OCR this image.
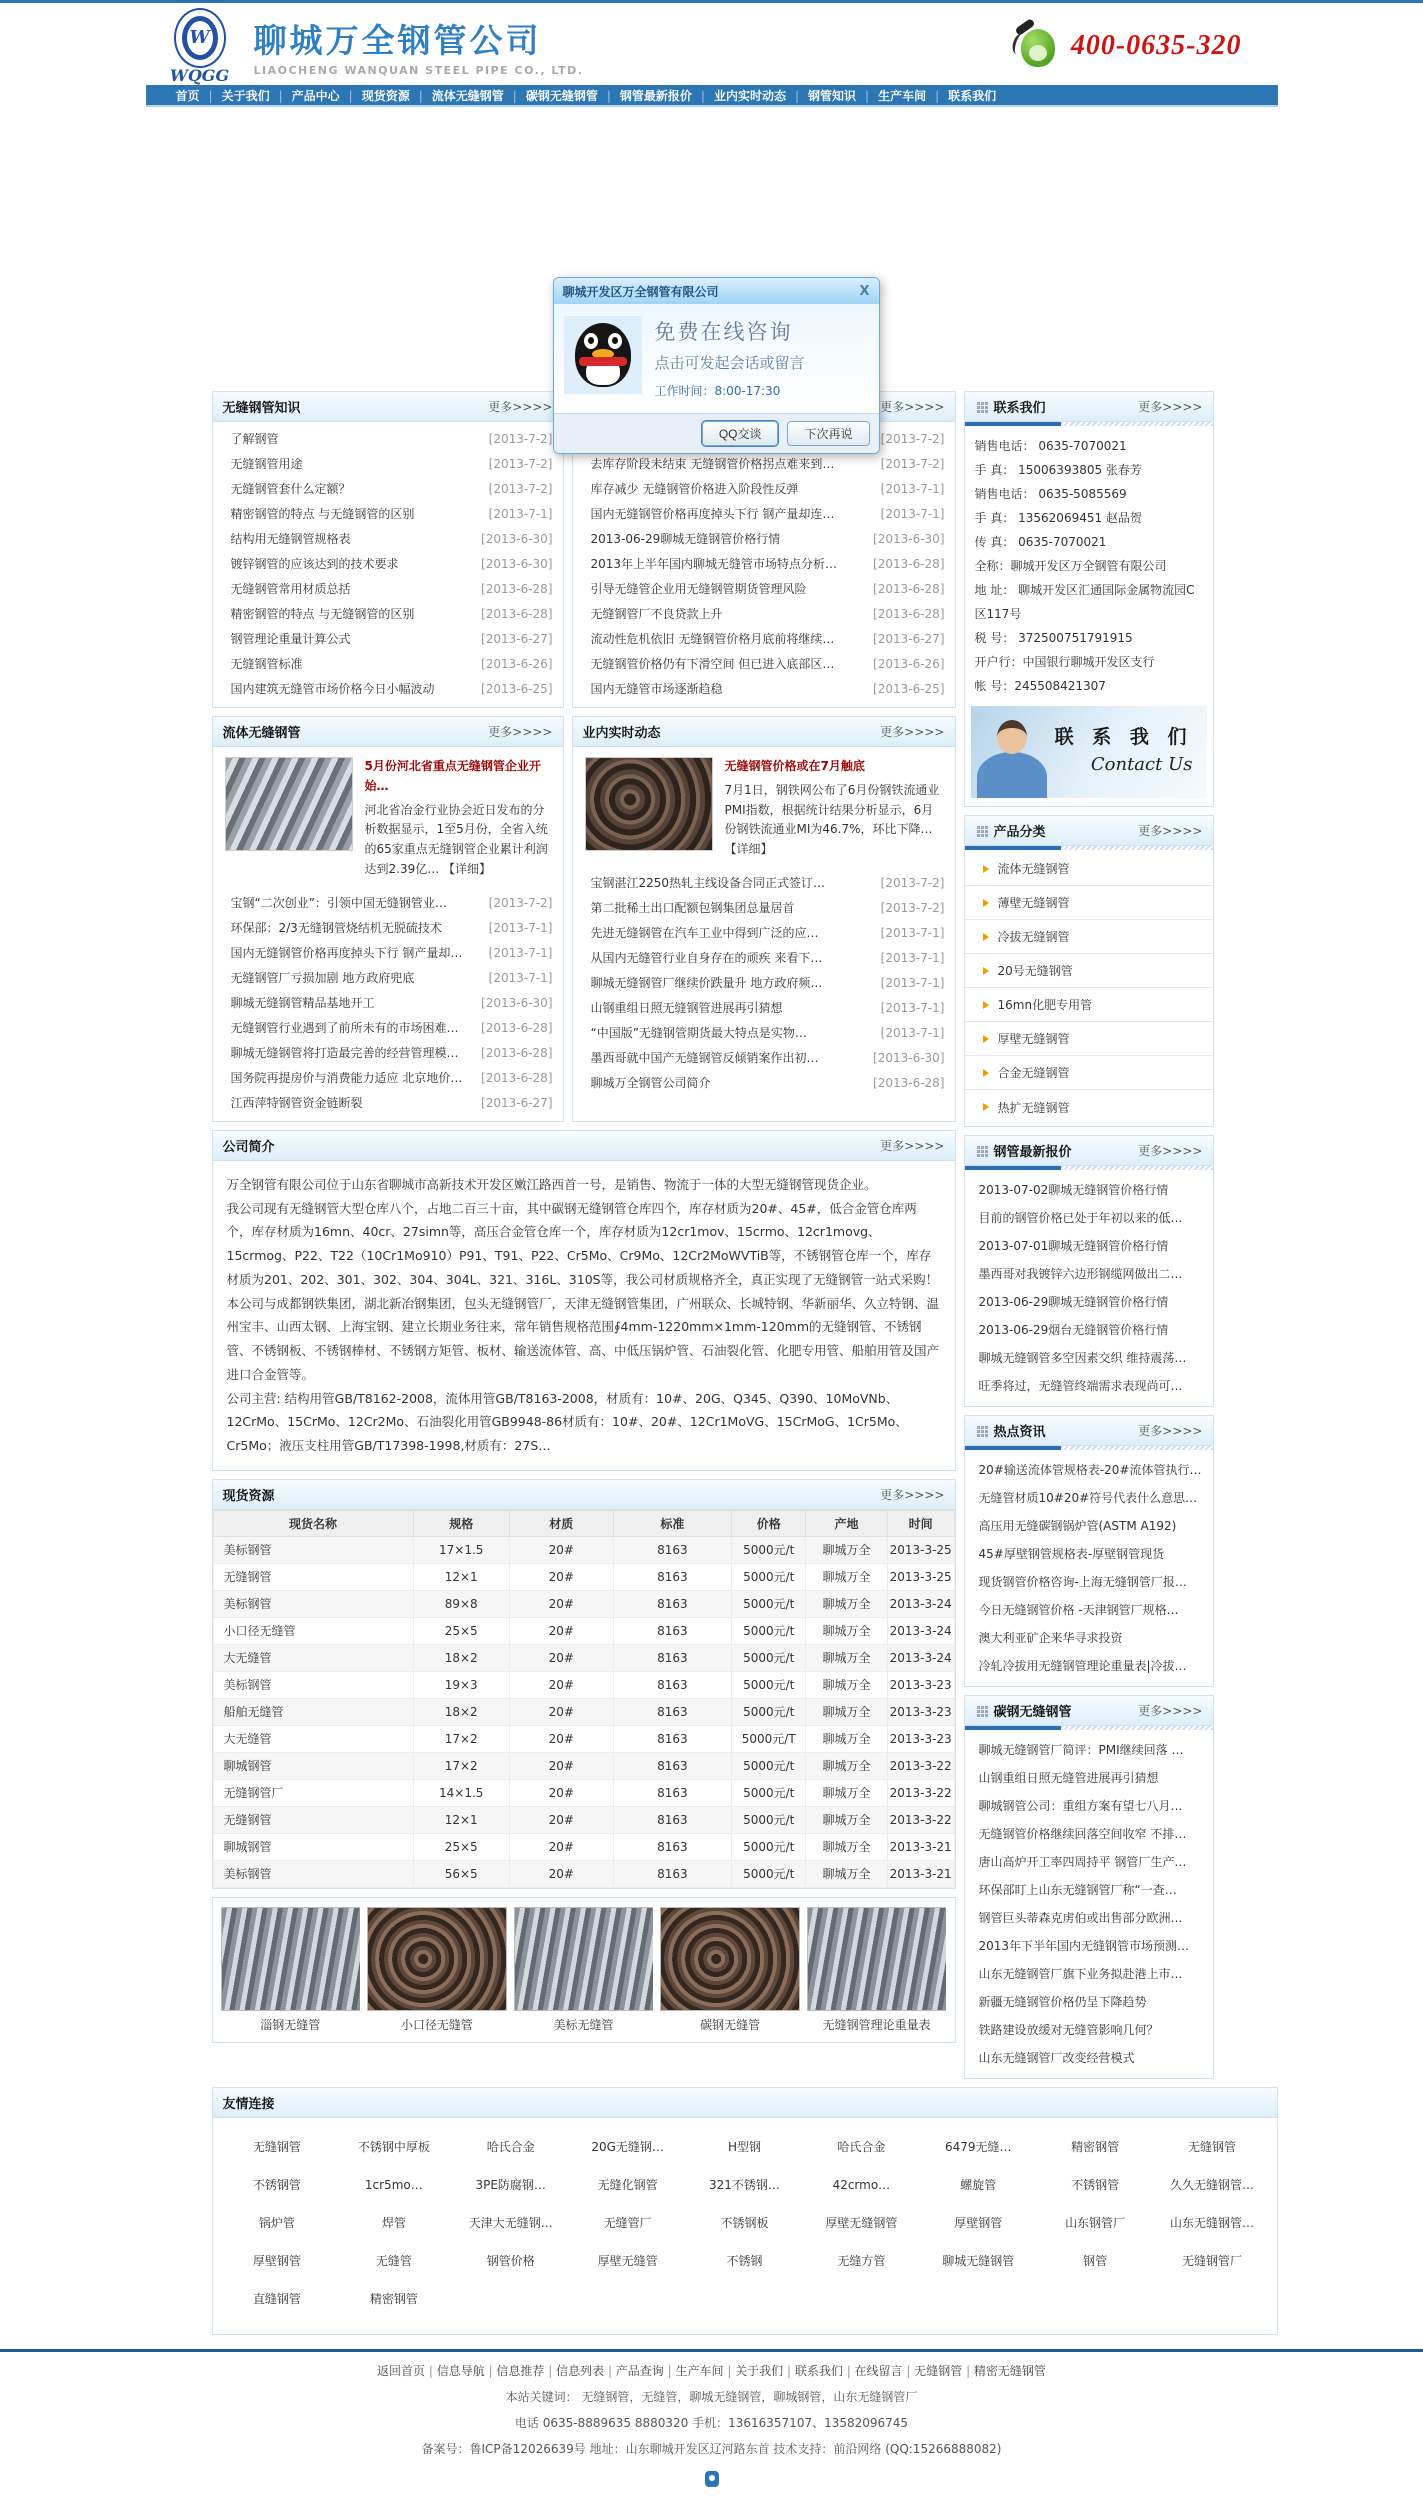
W
WQGG
聊城万全钢管公司
LIAOCHENG WANQUAN STEEL PIPE CO., LTD.
400-0635-320
首页 |	关于我们 |	产品中心 |	现货资源 |	流体无缝钢管 |	碳钢无缝钢管 |	钢管最新报价 |	业内实时动态 |	钢管知识 |	生产车间 |	联系我们
聊城开发区万全钢管有限公司	X
免费在线咨询
点击可发起会话或留言
工作时间：8:00-17:30
QQ交谈	下次再说
无缝钢管知识	更多>>>>
了解钢管	[2013-7-2]
无缝钢管用途	[2013-7-2]
无缝钢管套什么定额？	[2013-7-2]
精密钢管的特点 与无缝钢管的区别	[2013-7-1]
结构用无缝钢管规格表	[2013-6-30]
镀锌钢管的应该达到的技术要求	[2013-6-30]
无缝钢管常用材质总括	[2013-6-28]
精密钢管的特点 与无缝钢管的区别	[2013-6-28]
钢管理论重量计算公式	[2013-6-27]
无缝钢管标准	[2013-6-26]
国内建筑无缝管市场价格今日小幅波动	[2013-6-25]
更多>>>>
[2013-7-2]
去库存阶段未结束 无缝钢管价格拐点难来到…	[2013-7-2]
库存减少 无缝钢管价格进入阶段性反弹	[2013-7-1]
国内无缝钢管价格再度掉头下行 钢产量却连…	[2013-7-1]
2013-06-29聊城无缝钢管价格行情	[2013-6-30]
2013年上半年国内聊城无缝管市场特点分析…	[2013-6-28]
引导无缝管企业用无缝钢管期货管理风险	[2013-6-28]
无缝钢管厂不良贷款上升	[2013-6-28]
流动性危机依旧 无缝钢管价格月底前将继续…	[2013-6-27]
无缝钢管价格仍有下滑空间 但已进入底部区…	[2013-6-26]
国内无缝管市场逐渐趋稳	[2013-6-25]
流体无缝钢管	更多>>>>
5月份河北省重点无缝钢管企业开始…
河北省冶金行业协会近日发布的分析数据显示，1至5月份，全省入统的65家重点无缝钢管企业累计利润达到2.39亿… 【详细】
宝钢“二次创业”：引领中国无缝钢管业…	[2013-7-2]
环保部：2/3无缝钢管烧结机无脱硫技术	[2013-7-1]
国内无缝钢管价格再度掉头下行 钢产量却…	[2013-7-1]
无缝钢管厂亏损加剧 地方政府兜底	[2013-7-1]
聊城无缝钢管精品基地开工	[2013-6-30]
无缝钢管行业遇到了前所未有的市场困难…	[2013-6-28]
聊城无缝钢管将打造最完善的经营管理模…	[2013-6-28]
国务院再提房价与消费能力适应 北京地价…	[2013-6-28]
江西萍特钢管资金链断裂	[2013-6-27]
业内实时动态	更多>>>>
无缝钢管价格或在7月触底
7月1日，钢铁网公布了6月份钢铁流通业PMI指数，根据统计结果分析显示，6月份钢铁流通业MI为46.7%，环比下降… 【详细】
宝钢湛江2250热轧主线设备合同正式签订…	[2013-7-2]
第二批稀土出口配额包钢集团总量居首	[2013-7-2]
先进无缝钢管在汽车工业中得到广泛的应…	[2013-7-1]
从国内无缝管行业自身存在的顽疾 来看下…	[2013-7-1]
聊城无缝钢管厂继续价跌量升 地方政府频…	[2013-7-1]
山钢重组日照无缝钢管进展再引猜想	[2013-7-1]
“中国版”无缝钢管期货最大特点是实物…	[2013-7-1]
墨西哥就中国产无缝钢管反倾销案作出初…	[2013-6-30]
聊城万全钢管公司简介	[2013-6-28]
公司简介	更多>>>>

万全钢管有限公司位于山东省聊城市高新技术开发区嫩江路西首一号，是销售、物流于一体的大型无缝钢管现货企业。

我公司现有无缝钢管大型仓库八个，占地二百三十亩，其中碳钢无缝钢管仓库四个，库存材质为20#、45#，低合金管仓库两个，库存材质为16mn、40cr、27simn等，高压合金管仓库一个，库存材质为12cr1mov、15crmo、12cr1movg、15crmog、P22、T22（10Cr1Mo910）P91、T91、P22、Cr5Mo、Cr9Mo、12Cr2MoWVTiB等，不锈钢管仓库一个，库存材质为201、202、301、302、304、304L、321、316L、310S等，我公司材质规格齐全，真正实现了无缝钢管一站式采购！

本公司与成都钢铁集团，湖北新冶钢集团，包头无缝钢管厂，天津无缝钢管集团，广州联众、长城特钢、华新丽华、久立特钢、温州宝丰、山西太钢、上海宝钢、建立长期业务往来，常年销售规格范围∮4mm-1220mm×1mm-120mm的无缝钢管、不锈钢管、不锈钢板、不锈钢棒材、不锈钢方矩管、板材、输送流体管、高、中低压锅炉管、石油裂化管、化肥专用管、船舶用管及国产进口合金管等。

公司主营: 结构用管GB/T8162-2008，流体用管GB/T8163-2008，材质有：10#、20G、Q345、Q390、10MoVNb、12CrMo、15CrMo、12Cr2Mo、石油裂化用管GB9948-86材质有：10#、20#、12Cr1MoVG、15CrMoG、1Cr5Mo、Cr5Mo；液压支柱用管GB/T17398-1998,材质有：27S…

现货资源	更多>>>>
现货名称	规格	材质	标准	价格	产地	时间
美标钢管	17×1.5	20#	8163	5000元/t	聊城万全	2013-3-25
无缝钢管	12×1	20#	8163	5000元/t	聊城万全	2013-3-25
美标钢管	89×8	20#	8163	5000元/t	聊城万全	2013-3-24
小口径无缝管	25×5	20#	8163	5000元/t	聊城万全	2013-3-24
大无缝管	18×2	20#	8163	5000元/t	聊城万全	2013-3-24
美标钢管	19×3	20#	8163	5000元/t	聊城万全	2013-3-23
船舶无缝管	18×2	20#	8163	5000元/t	聊城万全	2013-3-23
大无缝管	17×2	20#	8163	5000元/T	聊城万全	2013-3-23
聊城钢管	17×2	20#	8163	5000元/t	聊城万全	2013-3-22
无缝钢管厂	14×1.5	20#	8163	5000元/t	聊城万全	2013-3-22
无缝钢管	12×1	20#	8163	5000元/t	聊城万全	2013-3-22
聊城钢管	25×5	20#	8163	5000元/t	聊城万全	2013-3-21
美标钢管	56×5	20#	8163	5000元/t	聊城万全	2013-3-21
淄钢无缝管	小口径无缝管	美标无缝管	碳钢无缝管	无缝钢管理论重量表
联系我们	更多>>>>
销售电话： 0635-7070021
手 真： 15006393805 张春芳
销售电话： 0635-5085569
手 真： 13562069451 赵品贺
传 真： 0635-7070021
全称：聊城开发区万全钢管有限公司
地 址： 聊城开发区汇通国际金属物流园C区117号
税 号： 372500751791915
开户行：中国银行聊城开发区支行
帐 号：245508421307
联 系 我 们
Contact Us
产品分类	更多>>>>
流体无缝钢管
薄壁无缝钢管
冷拔无缝钢管
20号无缝钢管
16mn化肥专用管
厚壁无缝钢管
合金无缝钢管
热扩无缝钢管
钢管最新报价	更多>>>>
2013-07-02聊城无缝钢管价格行情
目前的钢管价格已处于年初以来的低…
2013-07-01聊城无缝钢管价格行情
墨西哥对我镀锌六边形钢缆网做出二…
2013-06-29聊城无缝钢管价格行情
2013-06-29烟台无缝钢管价格行情
聊城无缝钢管多空因素交织 维持震荡…
旺季将过，无缝管终端需求表现尚可…
热点资讯	更多>>>>
20#输送流体管规格表-20#流体管执行…
无缝管材质10#20#符号代表什么意思…
高压用无缝碳钢锅炉管(ASTM A192)
45#厚壁钢管规格表-厚壁钢管现货
现货钢管价格咨询-上海无缝钢管厂报…
今日无缝钢管价格 -天津钢管厂规格…
澳大利亚矿企来华寻求投资
冷轧冷拔用无缝钢管理论重量表|冷拔…
碳钢无缝钢管	更多>>>>
聊城无缝钢管厂简评：PMI继续回落 …
山钢重组日照无缝管进展再引猜想
聊城钢管公司：重组方案有望七八月…
无缝钢管价格继续回落空间收窄 不排…
唐山高炉开工率四周持平 钢管厂生产…
环保部盯上山东无缝钢管厂称“一查…
钢管巨头蒂森克虏伯或出售部分欧洲…
2013年下半年国内无缝钢管市场预测…
山东无缝钢管厂旗下业务拟赴港上市…
新疆无缝钢管价格仍呈下降趋势
铁路建设放缓对无缝管影响几何？
山东无缝钢管厂改变经营模式
友情连接
无缝钢管	不锈钢中厚板	哈氏合金	20G无缝钢…	H型钢	哈氏合金	6479无缝…	精密钢管	无缝钢管
不锈钢管	1cr5mo…	3PE防腐钢…	无缝化钢管	321不锈钢…	42crmo…	螺旋管	不锈钢管	久久无缝钢管…
锅炉管	焊管	天津大无缝钢…	无缝管厂	不锈钢板	厚壁无缝钢管	厚壁钢管	山东钢管厂	山东无缝钢管…
厚壁钢管	无缝管	钢管价格	厚壁无缝管	不锈钢	无缝方管	聊城无缝钢管	钢管	无缝钢管厂
直缝钢管	精密钢管
返回首页 | 信息导航 | 信息推荐 | 信息列表 | 产品查询 | 生产车间 | 关于我们 | 联系我们 | 在线留言 | 无缝钢管 | 精密无缝钢管
本站关键词： 无缝钢管，无缝管，聊城无缝钢管，聊城钢管，山东无缝钢管厂
电话 0635-8889635 8880320 手机：13616357107、13582096745
备案号：鲁ICP备12026639号 地址：山东聊城开发区辽河路东首 技术支持：前沿网络 (QQ:15266888082)
